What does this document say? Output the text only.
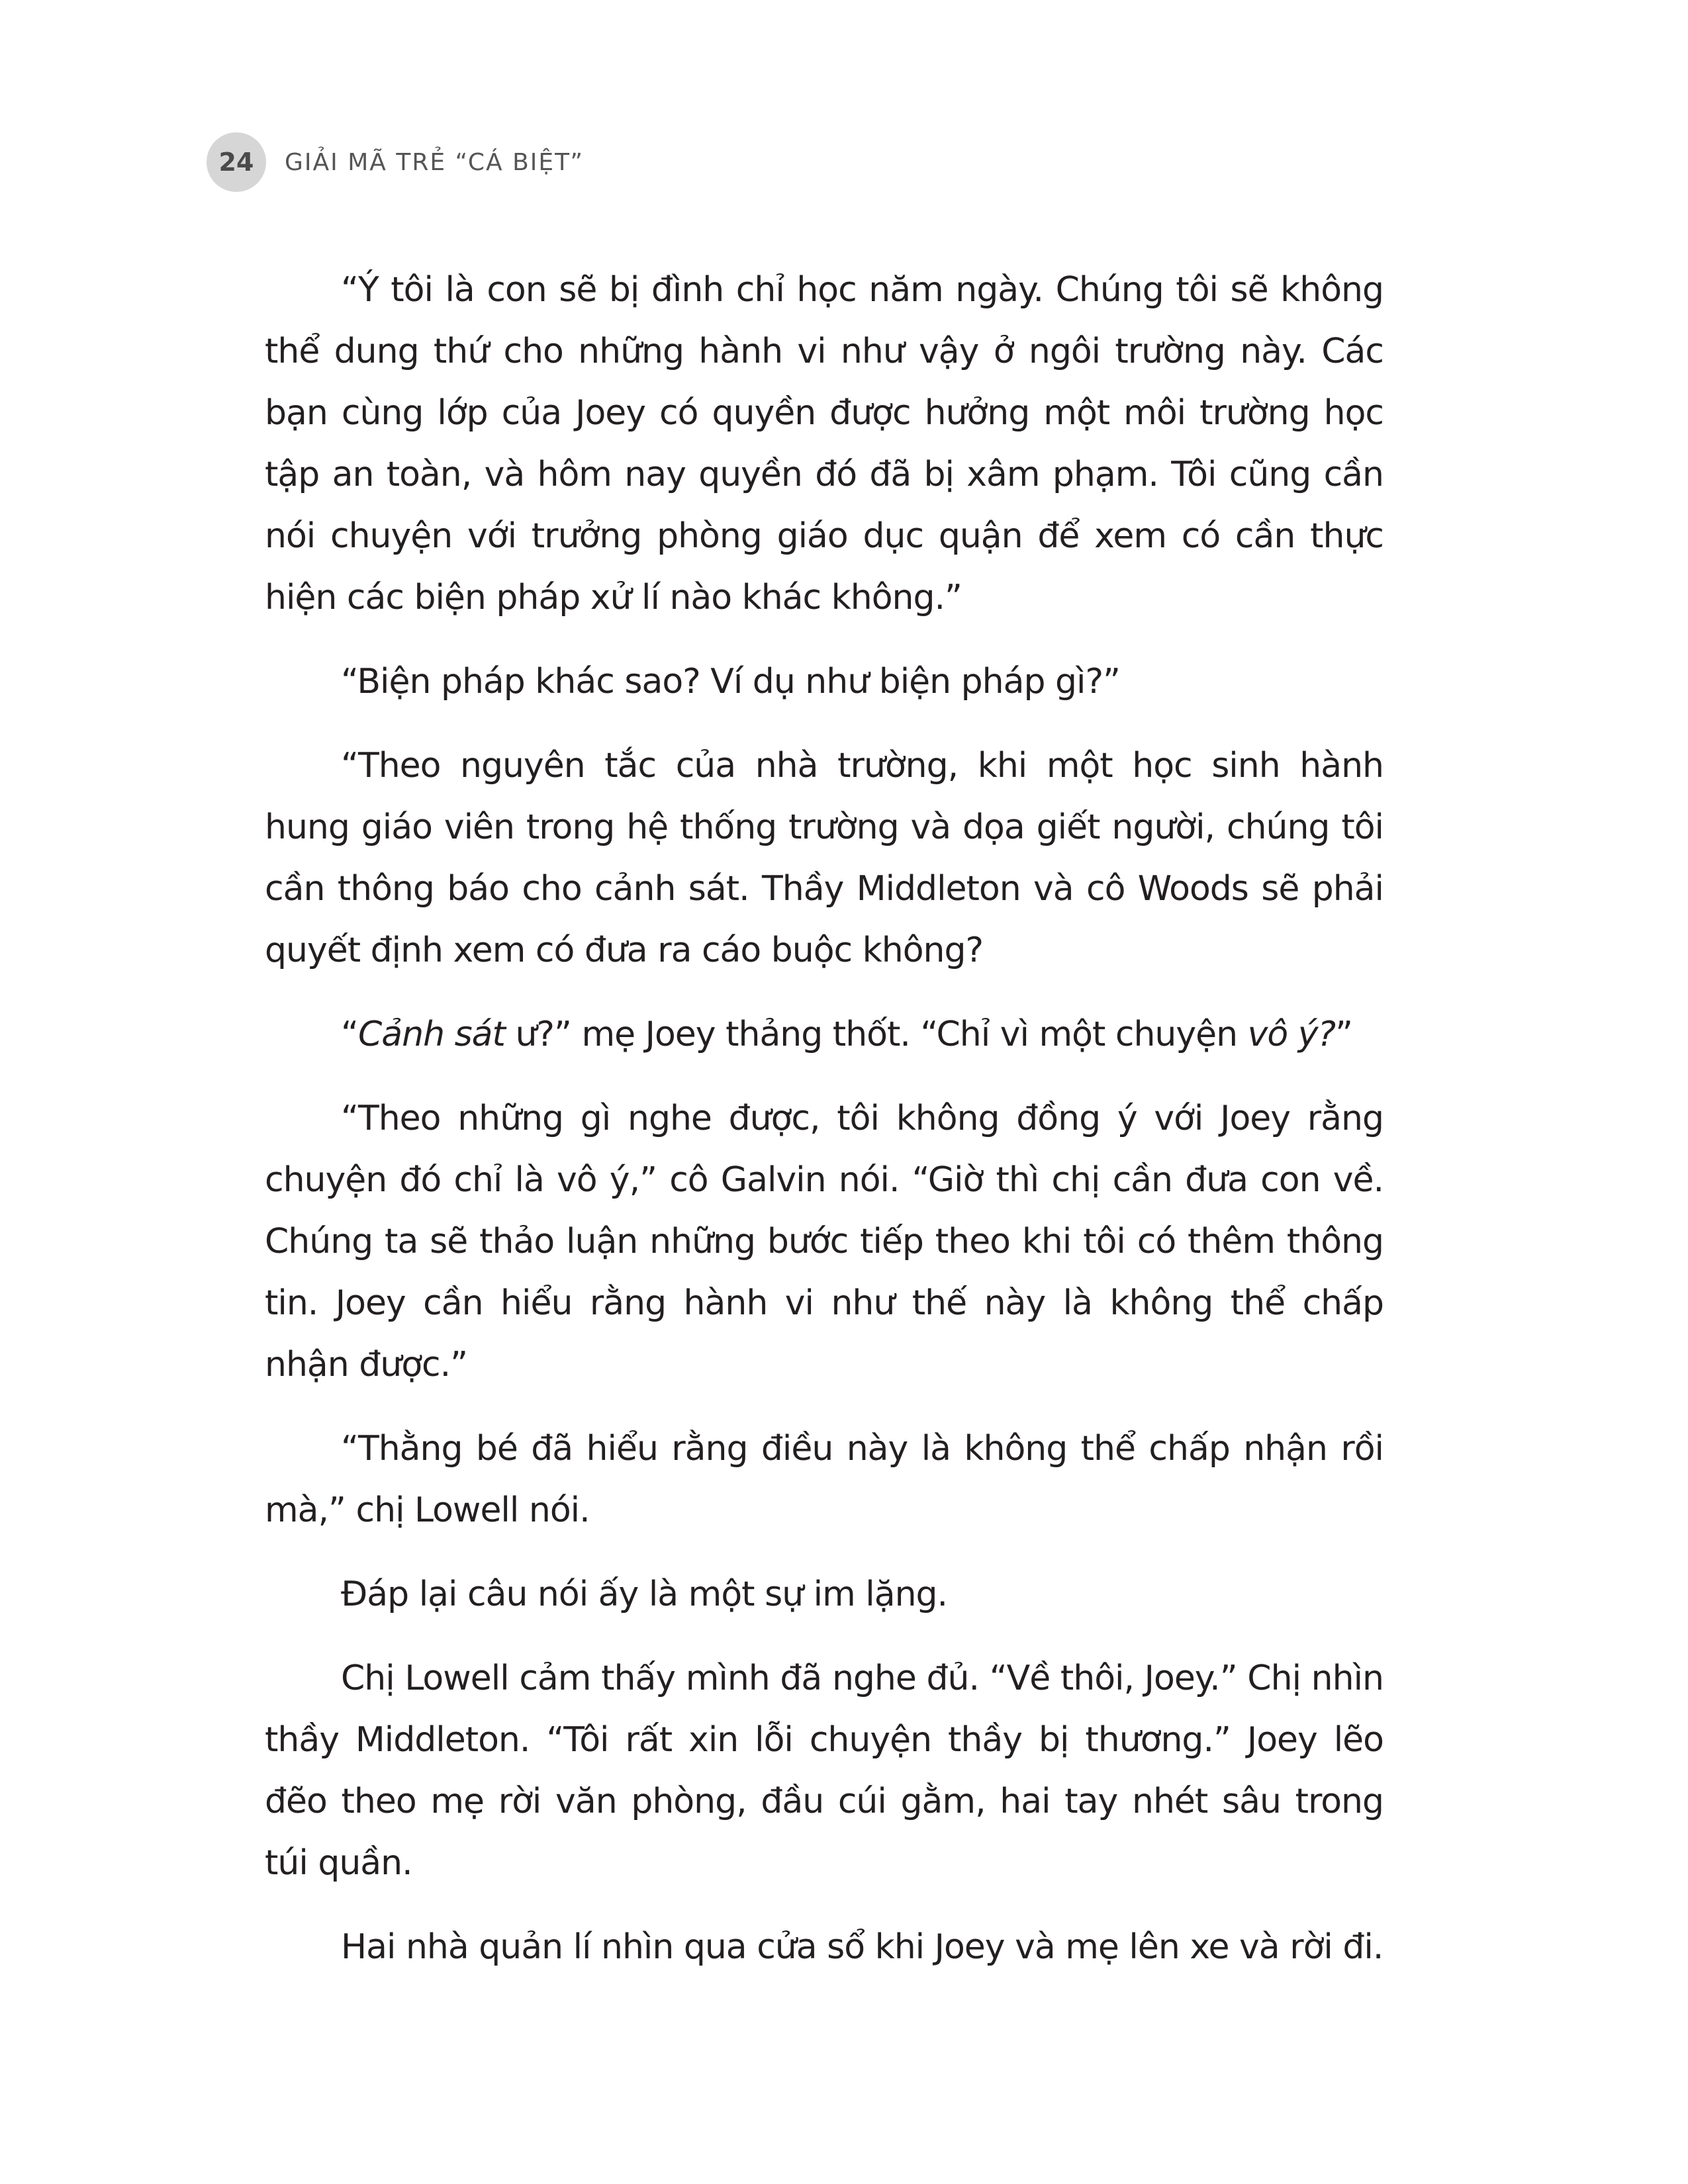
24	GIẢI MÃ TRẺ “CÁ BIỆT”

“Ý tôi là con sẽ bị đình chỉ học năm ngày. Chúng tôi sẽ không thể dung thứ cho những hành vi như vậy ở ngôi trường này. Các bạn cùng lớp của Joey có quyền được hưởng một môi trường học tập an toàn, và hôm nay quyền đó đã bị xâm phạm. Tôi cũng cần nói chuyện với trưởng phòng giáo dục quận để xem có cần thực hiện các biện pháp xử lí nào khác không.”

“Biện pháp khác sao? Ví dụ như biện pháp gì?”

“Theo nguyên tắc của nhà trường, khi một học sinh hành hung giáo viên trong hệ thống trường và dọa giết người, chúng tôi cần thông báo cho cảnh sát. Thầy Middleton và cô Woods sẽ phải quyết định xem có đưa ra cáo buộc không?

“Cảnh sát ư?” mẹ Joey thảng thốt. “Chỉ vì một chuyện vô ý?”

“Theo những gì nghe được, tôi không đồng ý với Joey rằng chuyện đó chỉ là vô ý,” cô Galvin nói. “Giờ thì chị cần đưa con về. Chúng ta sẽ thảo luận những bước tiếp theo khi tôi có thêm thông tin. Joey cần hiểu rằng hành vi như thế này là không thể chấp nhận được.”

“Thằng bé đã hiểu rằng điều này là không thể chấp nhận rồi mà,” chị Lowell nói.

Đáp lại câu nói ấy là một sự im lặng.

Chị Lowell cảm thấy mình đã nghe đủ. “Về thôi, Joey.” Chị nhìn thầy Middleton. “Tôi rất xin lỗi chuyện thầy bị thương.” Joey lẽo đẽo theo mẹ rời văn phòng, đầu cúi gằm, hai tay nhét sâu trong túi quần.

Hai nhà quản lí nhìn qua cửa sổ khi Joey và mẹ lên xe và rời đi.
